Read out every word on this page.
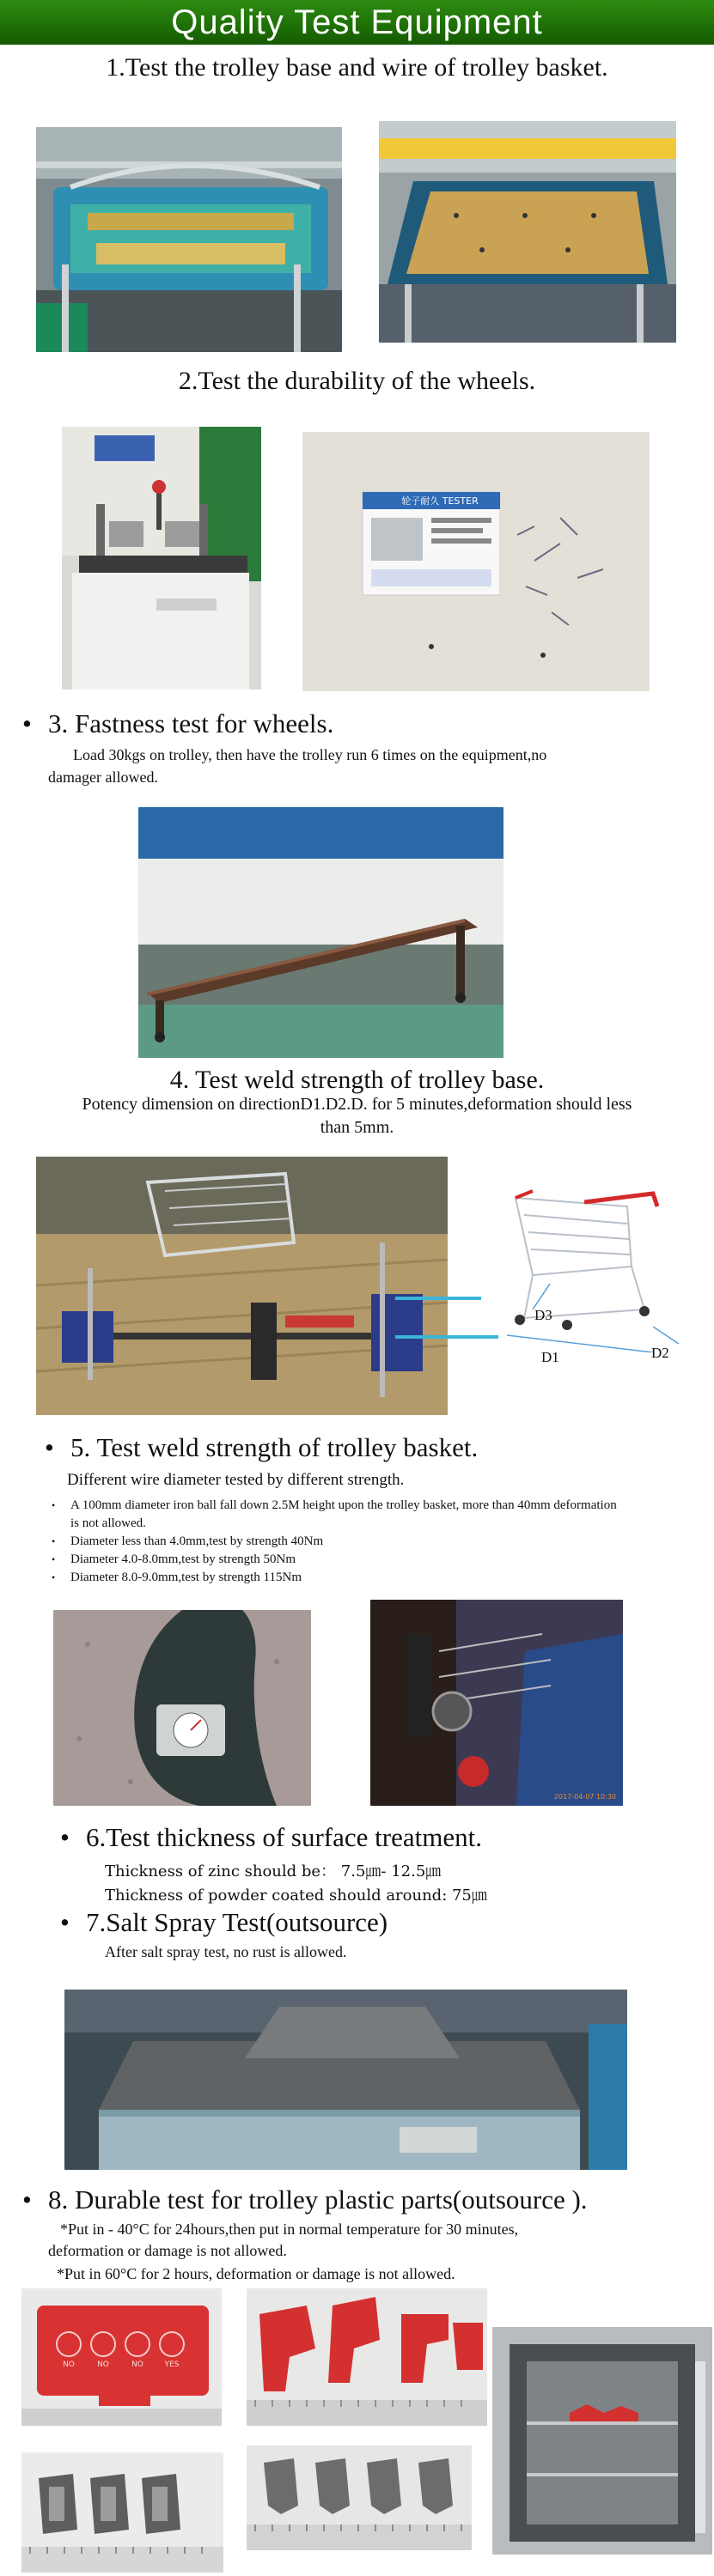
Quality Test Equipment
1.Test the trolley base and wire of trolley basket.
2.Test the durability of the wheels.
轮子耐久 TESTER
• 3. Fastness test for wheels.
Load 30kgs on trolley, then have the trolley run 6 times on the equipment,no
damager allowed.
4. Test weld strength of trolley base.
Potency dimension on directionD1.D2.D. for 5 minutes,deformation should less
than 5mm.
D3
D1	D2
• 5. Test weld strength of trolley basket.
Different wire diameter tested by different strength.
• A 100mm diameter iron ball fall down 2.5M height upon the trolley basket, more than 40mm deformation is not allowed.
• Diameter less than 4.0mm,test by strength 40Nm
• Diameter 4.0-8.0mm,test by strength 50Nm
• Diameter 8.0-9.0mm,test by strength 115Nm
2017-04-07 10:30
• 6.Test thickness of surface treatment.
Thickness of zinc should be： 7.5㎛- 12.5㎛
Thickness of powder coated should around: 75㎛
• 7.Salt Spray Test(outsource)
After salt spray test, no rust is allowed.
• 8. Durable test for trolley plastic parts(outsource ).
*Put in - 40°C for 24hours,then put in normal temperature for 30 minutes,
deformation or damage is not allowed.
*Put in 60°C for 2 hours, deformation or damage is not allowed.
NO	NO	NO	YES
